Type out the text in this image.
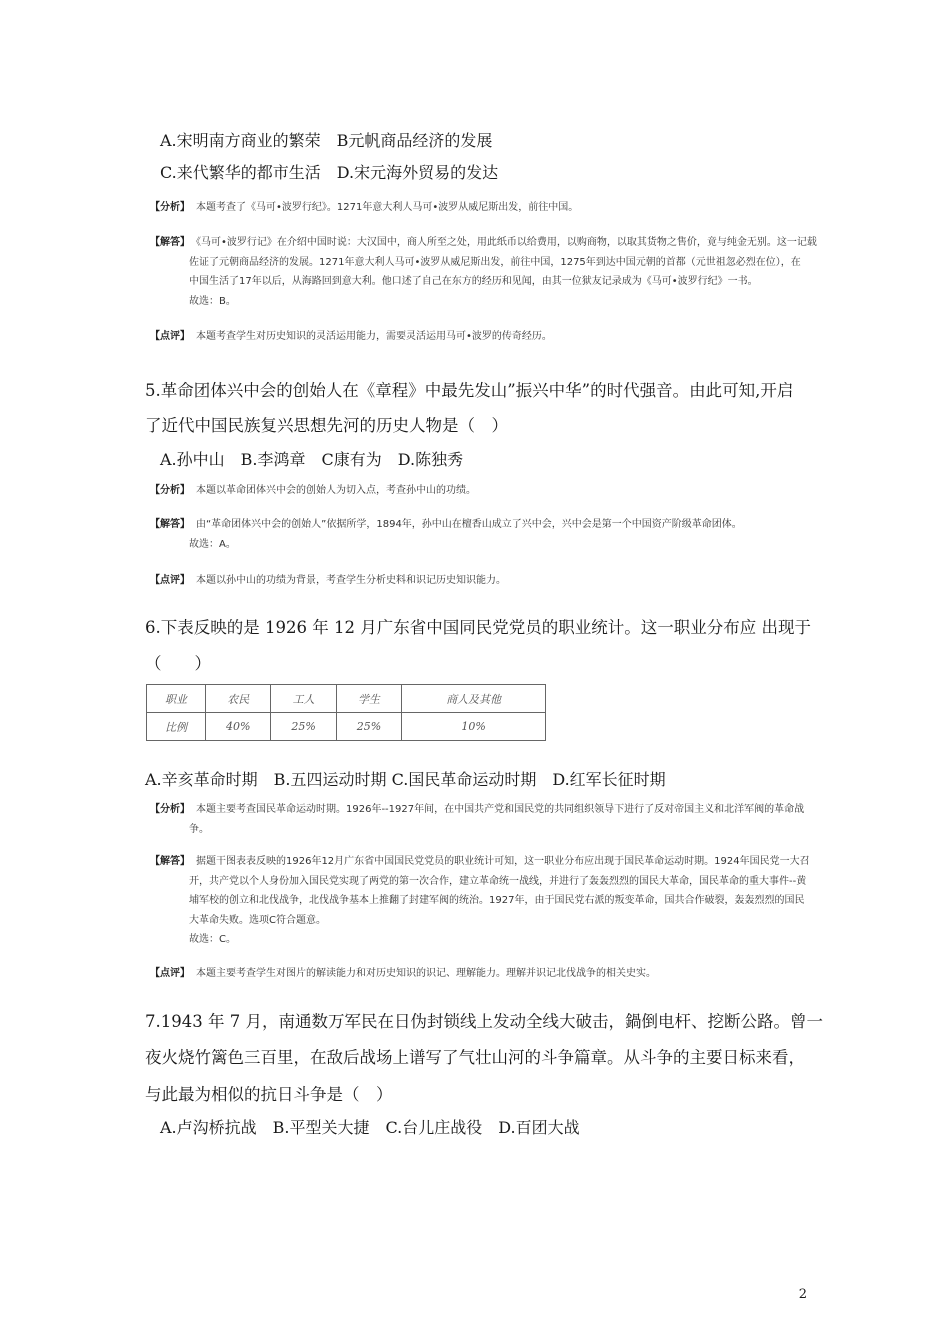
A.宋明南方商业的繁荣　B元帆商品经济的发展
C.来代繁华的都市生活　D.宋元海外贸易的发达
【分析】 本题考查了《马可•波罗行纪》。1271年意大利人马可•波罗从威尼斯出发，前往中国。
【解答】 《马可•波罗行记》在介绍中国时说：大汉国中，商人所至之处，用此纸币以给费用，以购商物，以取其货物之售价，竟与纯金无别。这一记载
佐证了元朝商品经济的发展。1271年意大利人马可•波罗从威尼斯出发，前往中国，1275年到达中国元朝的首都（元世祖忽必烈在位），在
中国生活了17年以后，从海路回到意大利。他口述了自己在东方的经历和见闻，由其一位狱友记录成为《马可•波罗行纪》一书。
故选：B。
【点评】 本题考查学生对历史知识的灵活运用能力，需要灵活运用马可•波罗的传奇经历。
5.革命团体兴中会的创始人在《章程》中最先发山”振兴中华”的时代强音。由此可知,开启
了近代中国民族复兴思想先河的历史人物是（　）
A.孙中山　B.李鸿章　C康有为　D.陈独秀
【分析】 本题以革命团体兴中会的创始人为切入点，考查孙中山的功绩。
【解答】 由“革命团体兴中会的创始人”依据所学，1894年，孙中山在檀香山成立了兴中会，兴中会是第一个中国资产阶级革命团体。
故选：A。
【点评】 本题以孙中山的功绩为背景，考查学生分析史料和识记历史知识能力。
6.下表反映的是 1926 年 12 月广东省中国同民党党员的职业统计。这一职业分布应 出现于
（　　）
职业	农民	工人	学生	商人及其他
比例	40%	25%	25%	10%
A.辛亥革命时期　B.五四运动时期 C.国民革命运动时期　D.红军长征时期
【分析】 本题主要考查国民革命运动时期。1926年--1927年间，在中国共产党和国民党的共同组织领导下进行了反对帝国主义和北洋军阀的革命战
争。
【解答】 据题干图表表反映的1926年12月广东省中国国民党党员的职业统计可知，这一职业分布应出现于国民革命运动时期。1924年国民党一大召
开，共产党以个人身份加入国民党实现了两党的第一次合作，建立革命统一战线，并进行了轰轰烈烈的国民大革命，国民革命的重大事件--黄
埔军校的创立和北伐战争，北伐战争基本上推翻了封建军阀的统治。1927年，由于国民党右派的叛变革命，国共合作破裂，轰轰烈烈的国民
大革命失败。选项C符合题意。
故选：C。
【点评】 本题主要考查学生对图片的解读能力和对历史知识的识记、理解能力。理解并识记北伐战争的相关史实。
7.1943 年 7 月，南通数万军民在日伪封锁线上发动全线大破击，鍋倒电杆、挖断公路。曾一
夜火烧竹篱色三百里，在敌后战场上谱写了气壮山河的斗争篇章。从斗争的主要日标来看，
与此最为相似的抗日斗争是（　）
A.卢沟桥抗战　B.平型关大捷　C.台儿庄战役　D.百团大战
2
